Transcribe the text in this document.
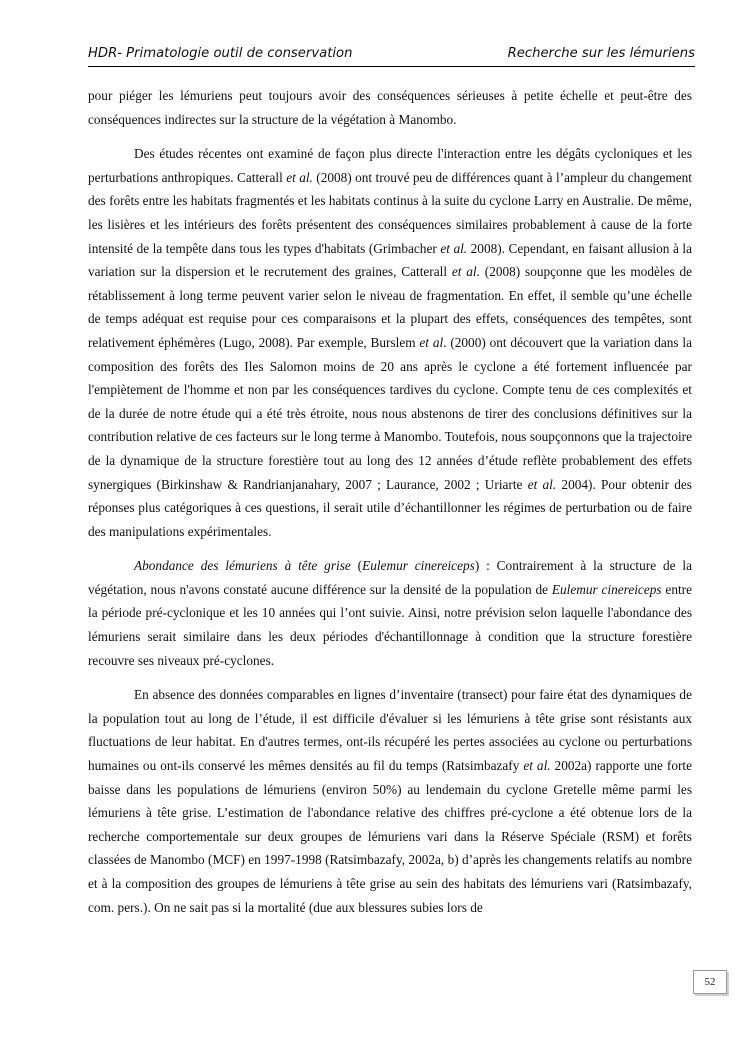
HDR- Primatologie outil de conservation	Recherche sur les lémuriens

pour piéger les lémuriens peut toujours avoir des conséquences sérieuses à petite échelle et peut-être des conséquences indirectes sur la structure de la végétation à Manombo.

Des études récentes ont examiné de façon plus directe l'interaction entre les dégâts cycloniques et les perturbations anthropiques. Catterall et al. (2008) ont trouvé peu de différences quant à l’ampleur du changement des forêts entre les habitats fragmentés et les habitats continus à la suite du cyclone Larry en Australie. De même, les lisières et les intérieurs des forêts présentent des conséquences similaires probablement à cause de la forte intensité de la tempête dans tous les types d'habitats (Grimbacher et al. 2008). Cependant, en faisant allusion à la variation sur la dispersion et le recrutement des graines, Catterall et al. (2008) soupçonne que les modèles de rétablissement à long terme peuvent varier selon le niveau de fragmentation. En effet, il semble qu’une échelle de temps adéquat est requise pour ces comparaisons et la plupart des effets, conséquences des tempêtes, sont relativement éphémères (Lugo, 2008). Par exemple, Burslem et al. (2000) ont découvert que la variation dans la composition des forêts des Iles Salomon moins de 20 ans après le cyclone a été fortement influencée par l'empiètement de l'homme et non par les conséquences tardives du cyclone. Compte tenu de ces complexités et de la durée de notre étude qui a été très étroite, nous nous abstenons de tirer des conclusions définitives sur la contribution relative de ces facteurs sur le long terme à Manombo. Toutefois, nous soupçonnons que la trajectoire de la dynamique de la structure forestière tout au long des 12 années d’étude reflète probablement des effets synergiques (Birkinshaw & Randrianjanahary, 2007 ; Laurance, 2002 ; Uriarte et al. 2004). Pour obtenir des réponses plus catégoriques à ces questions, il serait utile d’échantillonner les régimes de perturbation ou de faire des manipulations expérimentales.

Abondance des lémuriens à tête grise (Eulemur cinereiceps) : Contrairement à la structure de la végétation, nous n'avons constaté aucune différence sur la densité de la population de Eulemur cinereiceps entre la période pré-cyclonique et les 10 années qui l’ont suivie. Ainsi, notre prévision selon laquelle l'abondance des lémuriens serait similaire dans les deux périodes d'échantillonnage à condition que la structure forestière recouvre ses niveaux pré-cyclones.

En absence des données comparables en lignes d’inventaire (transect) pour faire état des dynamiques de la population tout au long de l’étude, il est difficile d'évaluer si les lémuriens à tête grise sont résistants aux fluctuations de leur habitat. En d'autres termes, ont-ils récupéré les pertes associées au cyclone ou perturbations humaines ou ont-ils conservé les mêmes densités au fil du temps (Ratsimbazafy et al. 2002a) rapporte une forte baisse dans les populations de lémuriens (environ 50%) au lendemain du cyclone Gretelle même parmi les lémuriens à tête grise. L’estimation de l'abondance relative des chiffres pré-cyclone a été obtenue lors de la recherche comportementale sur deux groupes de lémuriens vari dans la Réserve Spéciale (RSM) et forêts classées de Manombo (MCF) en 1997-1998 (Ratsimbazafy, 2002a, b) d’après les changements relatifs au nombre et à la composition des groupes de lémuriens à tête grise au sein des habitats des lémuriens vari (Ratsimbazafy, com. pers.). On ne sait pas si la mortalité (due aux blessures subies lors de

52
